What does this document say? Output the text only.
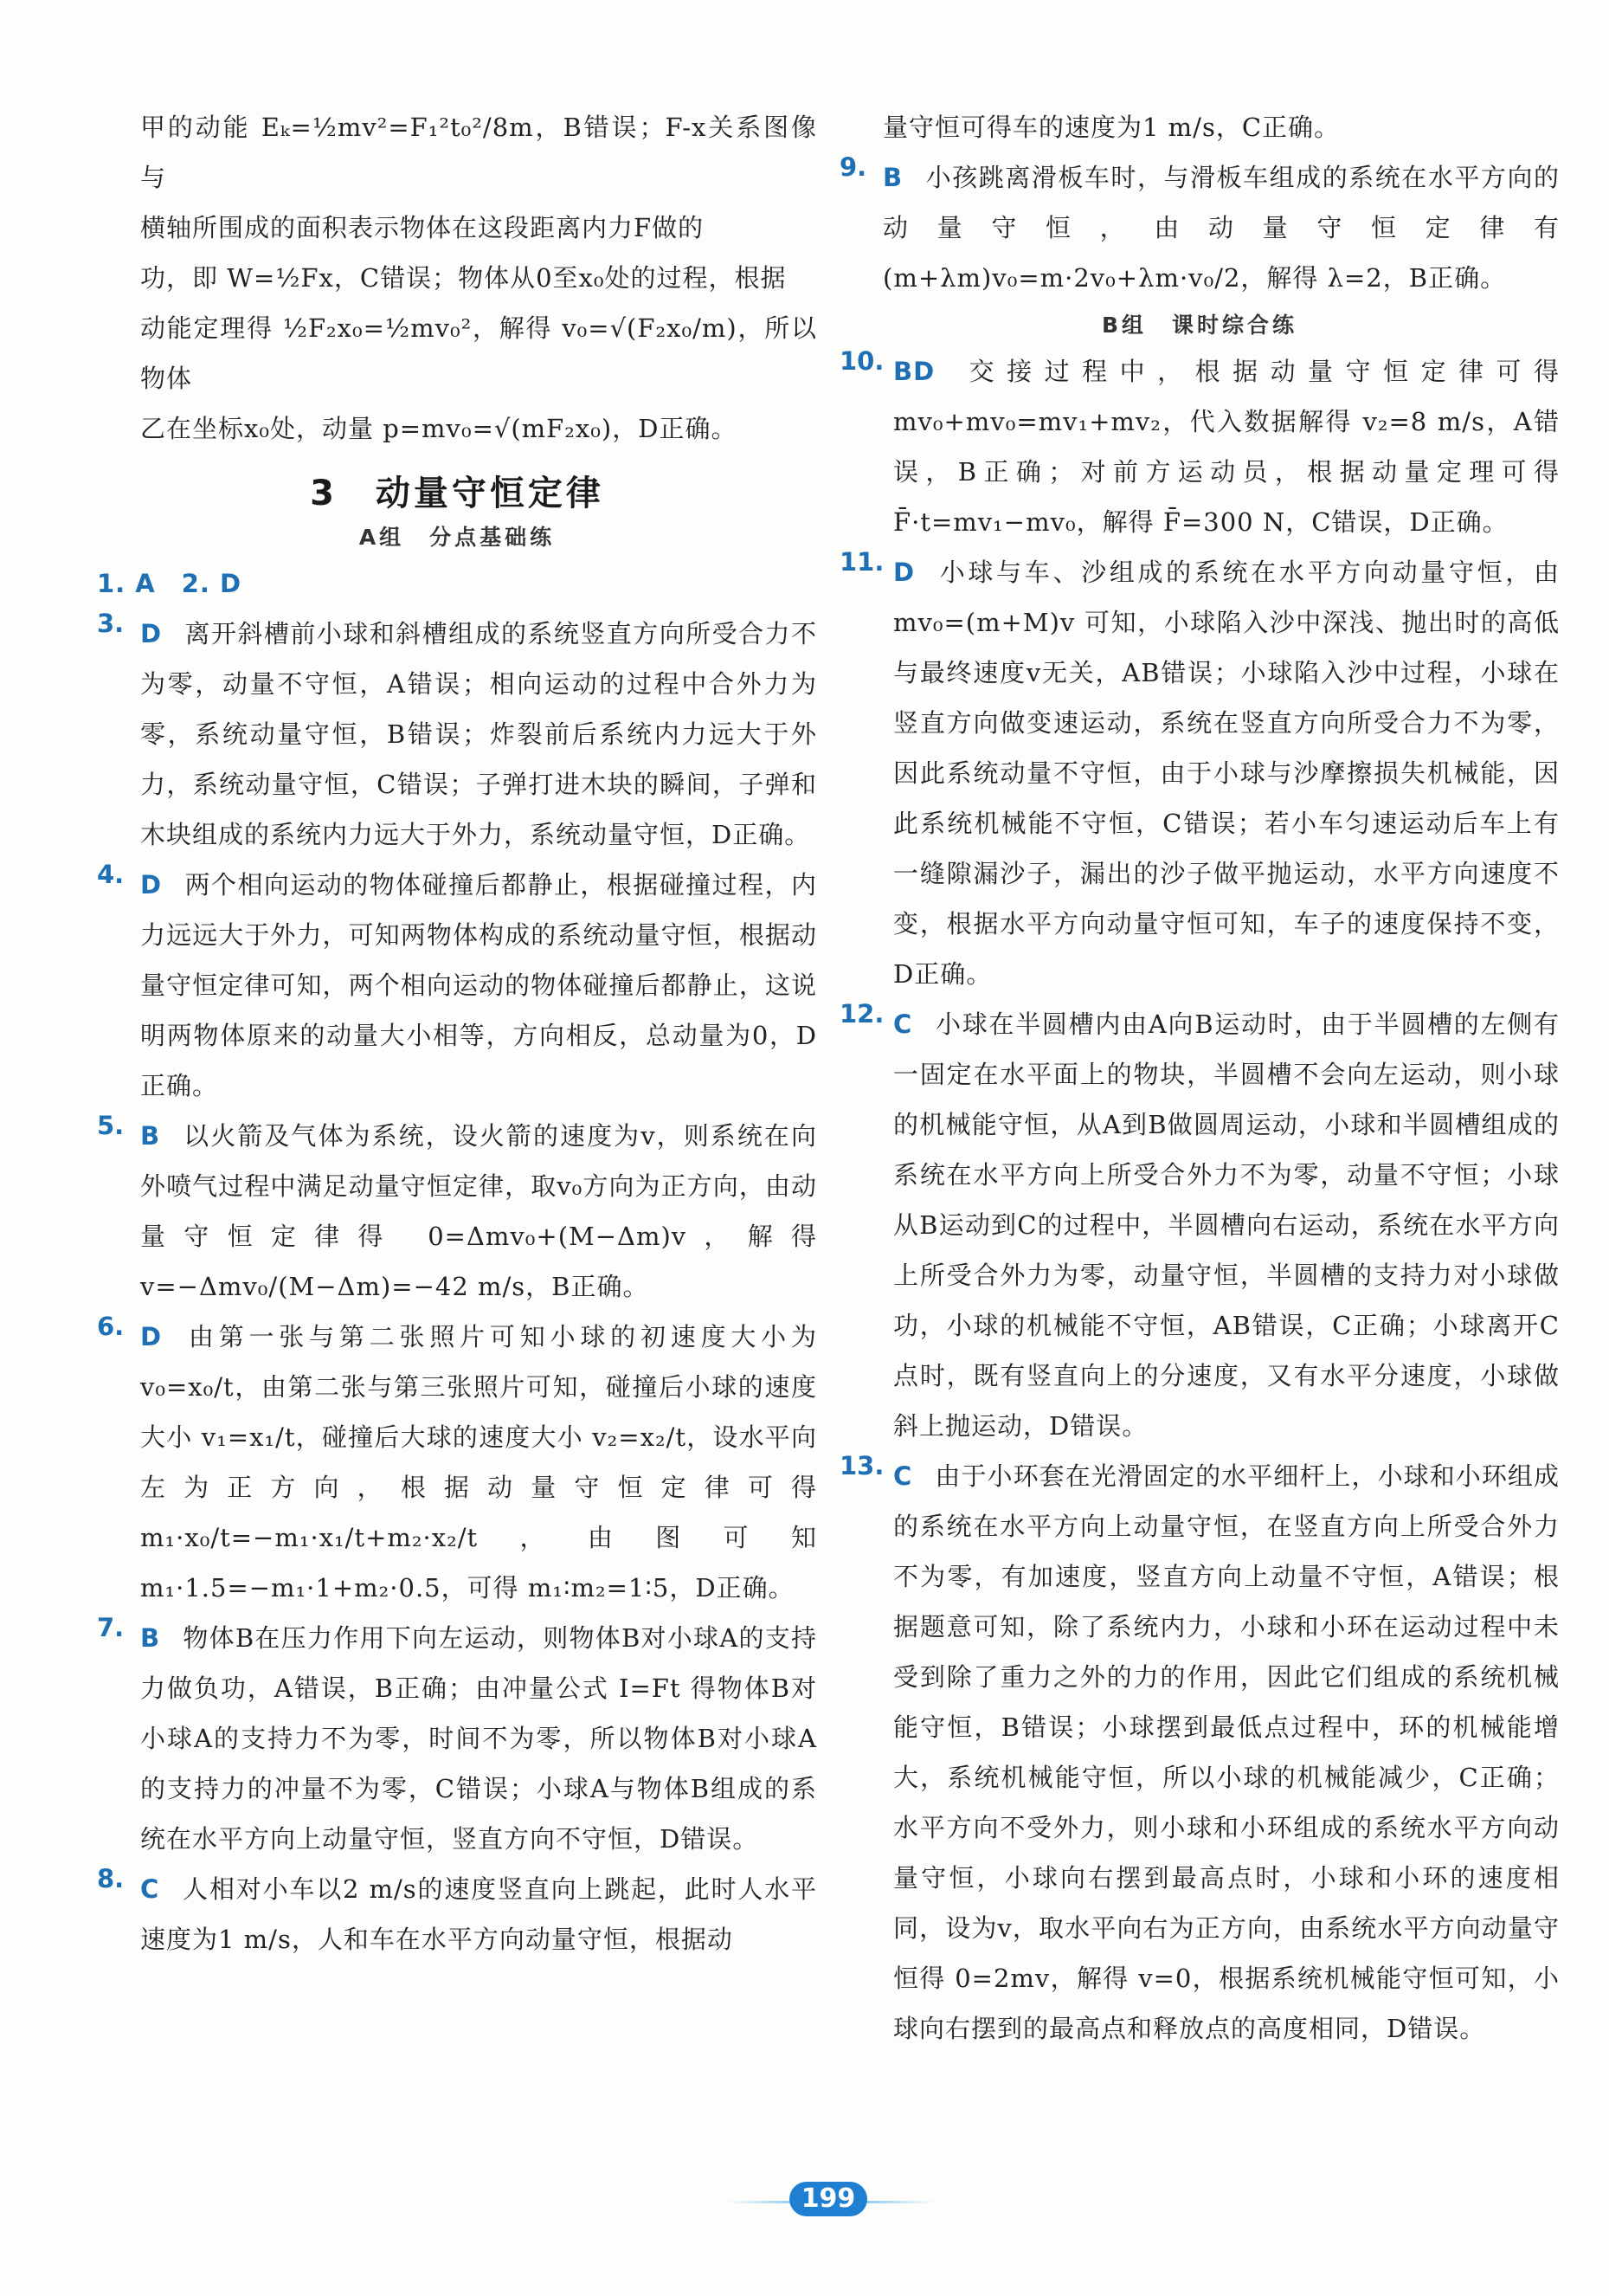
甲的动能 Eₖ=½mv²=F₁²t₀²/8m，B错误；F-x关系图像与

横轴所围成的面积表示物体在这段距离内力F做的

功，即 W=½Fx，C错误；物体从0至x₀处的过程，根据

动能定理得 ½F₂x₀=½mv₀²，解得 v₀=√(F₂x₀/m)，所以物体

乙在坐标x₀处，动量 p=mv₀=√(mF₂x₀)，D正确。

3　动量守恒定律
A组　分点基础练

1. A　2. D

3. D 离开斜槽前小球和斜槽组成的系统竖直方向所受合力不为零，动量不守恒，A错误；相向运动的过程中合外力为零，系统动量守恒，B错误；炸裂前后系统内力远大于外力，系统动量守恒，C错误；子弹打进木块的瞬间，子弹和木块组成的系统内力远大于外力，系统动量守恒，D正确。

4. D 两个相向运动的物体碰撞后都静止，根据碰撞过程，内力远远大于外力，可知两物体构成的系统动量守恒，根据动量守恒定律可知，两个相向运动的物体碰撞后都静止，这说明两物体原来的动量大小相等，方向相反，总动量为0，D正确。

5. B 以火箭及气体为系统，设火箭的速度为v，则系统在向外喷气过程中满足动量守恒定律，取v₀方向为正方向，由动量守恒定律得 0=Δmv₀+(M−Δm)v，解得 v=−Δmv₀/(M−Δm)=−42 m/s，B正确。

6. D 由第一张与第二张照片可知小球的初速度大小为 v₀=x₀/t，由第二张与第三张照片可知，碰撞后小球的速度大小 v₁=x₁/t，碰撞后大球的速度大小 v₂=x₂/t，设水平向左为正方向，根据动量守恒定律可得 m₁·x₀/t=−m₁·x₁/t+m₂·x₂/t，由图可知 m₁·1.5=−m₁·1+m₂·0.5，可得 m₁∶m₂=1∶5，D正确。

7. B 物体B在压力作用下向左运动，则物体B对小球A的支持力做负功，A错误，B正确；由冲量公式 I=Ft 得物体B对小球A的支持力不为零，时间不为零，所以物体B对小球A的支持力的冲量不为零，C错误；小球A与物体B组成的系统在水平方向上动量守恒，竖直方向不守恒，D错误。

8. C 人相对小车以2 m/s的速度竖直向上跳起，此时人水平速度为1 m/s，人和车在水平方向动量守恒，根据动

量守恒可得车的速度为1 m/s，C正确。

9. B 小孩跳离滑板车时，与滑板车组成的系统在水平方向的动量守恒，由动量守恒定律有 (m+λm)v₀=m·2v₀+λm·v₀/2，解得 λ=2，B正确。

B组　课时综合练
10. BD 交接过程中，根据动量守恒定律可得 mv₀+mv₀=mv₁+mv₂，代入数据解得 v₂=8 m/s，A错误，B正确；对前方运动员，根据动量定理可得 F̄·t=mv₁−mv₀，解得 F̄=300 N，C错误，D正确。

11. D 小球与车、沙组成的系统在水平方向动量守恒，由 mv₀=(m+M)v 可知，小球陷入沙中深浅、抛出时的高低与最终速度v无关，AB错误；小球陷入沙中过程，小球在竖直方向做变速运动，系统在竖直方向所受合力不为零，因此系统动量不守恒，由于小球与沙摩擦损失机械能，因此系统机械能不守恒，C错误；若小车匀速运动后车上有一缝隙漏沙子，漏出的沙子做平抛运动，水平方向速度不变，根据水平方向动量守恒可知，车子的速度保持不变，D正确。

12. C 小球在半圆槽内由A向B运动时，由于半圆槽的左侧有一固定在水平面上的物块，半圆槽不会向左运动，则小球的机械能守恒，从A到B做圆周运动，小球和半圆槽组成的系统在水平方向上所受合外力不为零，动量不守恒；小球从B运动到C的过程中，半圆槽向右运动，系统在水平方向上所受合外力为零，动量守恒，半圆槽的支持力对小球做功，小球的机械能不守恒，AB错误，C正确；小球离开C点时，既有竖直向上的分速度，又有水平分速度，小球做斜上抛运动，D错误。

13. C 由于小环套在光滑固定的水平细杆上，小球和小环组成的系统在水平方向上动量守恒，在竖直方向上所受合外力不为零，有加速度，竖直方向上动量不守恒，A错误；根据题意可知，除了系统内力，小球和小环在运动过程中未受到除了重力之外的力的作用，因此它们组成的系统机械能守恒，B错误；小球摆到最低点过程中，环的机械能增大，系统机械能守恒，所以小球的机械能减少，C正确；水平方向不受外力，则小球和小环组成的系统水平方向动量守恒，小球向右摆到最高点时，小球和小环的速度相同，设为v，取水平向右为正方向，由系统水平方向动量守恒得 0=2mv，解得 v=0，根据系统机械能守恒可知，小球向右摆到的最高点和释放点的高度相同，D错误。

199
